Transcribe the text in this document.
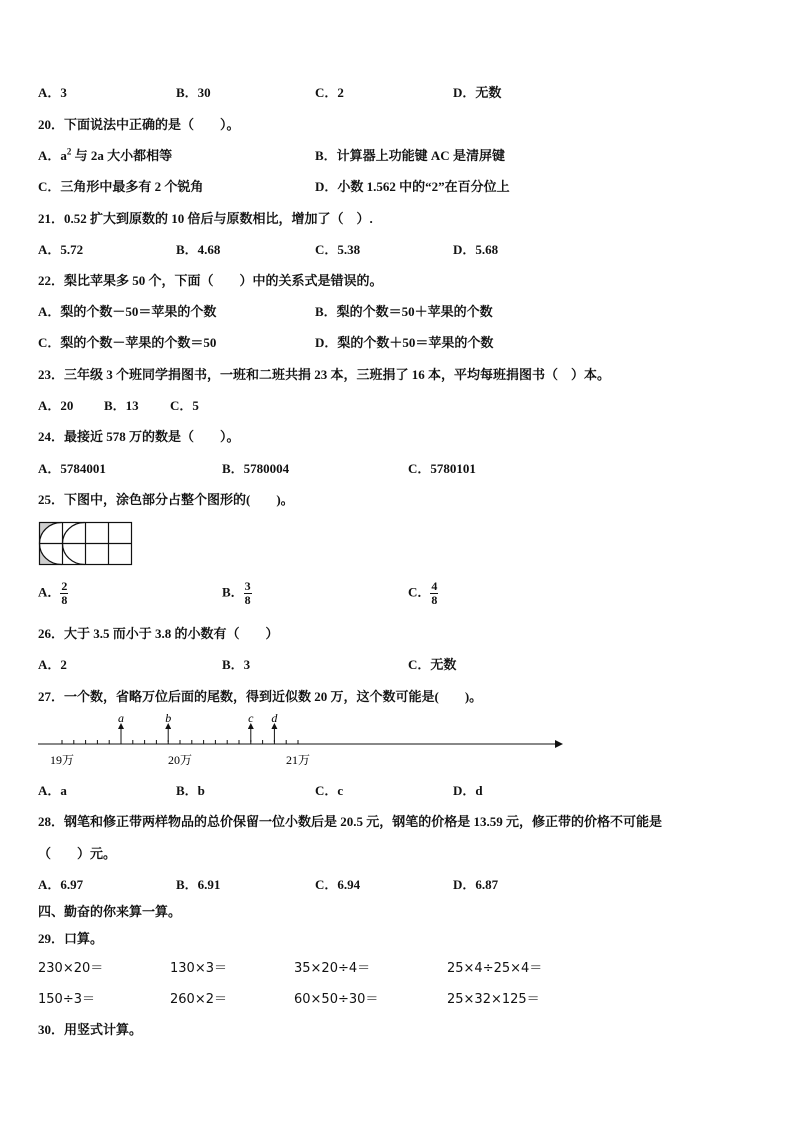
A．3	B．30	C．2	D．无数
20．下面说法中正确的是（　　）。
A．$a^2$ 与 2a 大小都相等	B．计算器上功能键 AC 是清屏键
C．三角形中最多有 2 个锐角	D．小数 1.562 中的“2”在百分位上
21．0.52 扩大到原数的 10 倍后与原数相比，增加了（　）.
A．5.72	B．4.68	C．5.38	D．5.68
22．梨比苹果多 50 个，下面（　　）中的关系式是错误的。
A．梨的个数－50＝苹果的个数	B．梨的个数＝50＋苹果的个数
C．梨的个数－苹果的个数＝50	D．梨的个数＋50＝苹果的个数
23．三年级 3 个班同学捐图书，一班和二班共捐 23 本，三班捐了 16 本，平均每班捐图书（　）本。
A．20 B．13 C．5
24．最接近 578 万的数是（　　）。
A．5784001	B．5780004	C．5780101
25．下图中，涂色部分占整个图形的(　　)。
A． $\frac{2}{8}$	B． $\frac{3}{8}$	C． $\frac{4}{8}$
26．大于 3.5 而小于 3.8 的小数有（　　）
A．2	B．3	C．无数
27．一个数，省略万位后面的尾数，得到近似数 20 万，这个数可能是(　　)。
a	b	c d
19万	20万	21万
A．a	B．b	C．c	D．d
28．钢笔和修正带两样物品的总价保留一位小数后是 20.5 元，钢笔的价格是 13.59 元，修正带的价格不可能是
（　　）元。
A．6.97	B．6.91	C．6.94	D．6.87
四、勤奋的你来算一算。
29．口算。
230×20＝	130×3＝	35×20÷4＝	25×4÷25×4＝
150÷3＝	260×2＝	60×50÷30＝	25×32×125＝
30．用竖式计算。
